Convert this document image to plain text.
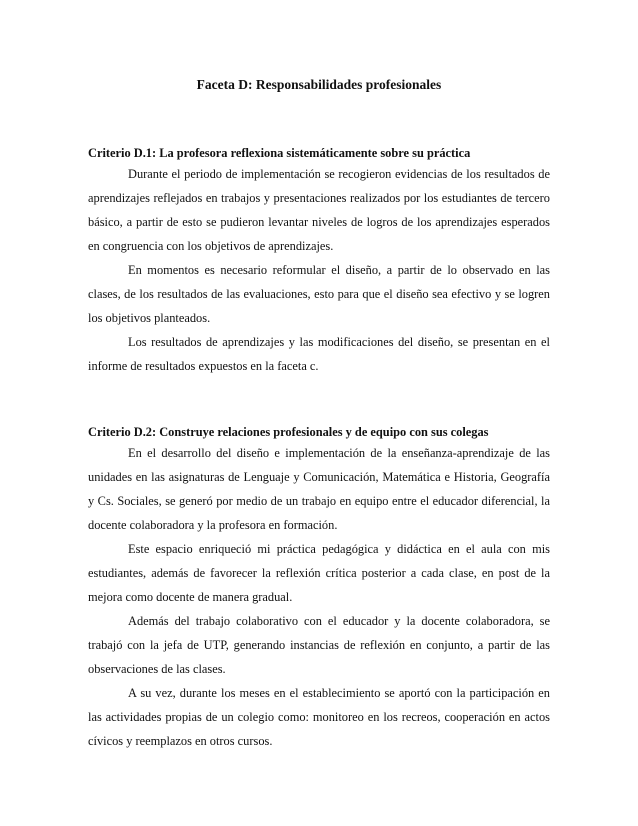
Faceta D: Responsabilidades profesionales
Criterio D.1: La profesora reflexiona sistemáticamente sobre su práctica

Durante el periodo de implementación se recogieron evidencias de los resultados de aprendizajes reflejados en trabajos y presentaciones realizados por los estudiantes de tercero básico, a partir de esto se pudieron levantar niveles de logros de los aprendizajes esperados en congruencia con los objetivos de aprendizajes.

En momentos es necesario reformular el diseño, a partir de lo observado en las clases, de los resultados de las evaluaciones, esto para que el diseño sea efectivo y se logren los objetivos planteados.

Los resultados de aprendizajes y las modificaciones del diseño, se presentan en el informe de resultados expuestos en la faceta c.

Criterio D.2: Construye relaciones profesionales y de equipo con sus colegas

En el desarrollo del diseño e implementación de la enseñanza-aprendizaje de las unidades en las asignaturas de Lenguaje y Comunicación, Matemática e Historia, Geografía y Cs. Sociales, se generó por medio de un trabajo en equipo entre el educador diferencial, la docente colaboradora y la profesora en formación.

Este espacio enriqueció mi práctica pedagógica y didáctica en el aula con mis estudiantes, además de favorecer la reflexión crítica posterior a cada clase, en post de la mejora como docente de manera gradual.

Además del trabajo colaborativo con el educador y la docente colaboradora, se trabajó con la jefa de UTP, generando instancias de reflexión en conjunto, a partir de las observaciones de las clases.

A su vez, durante los meses en el establecimiento se aportó con la participación en las actividades propias de un colegio como: monitoreo en los recreos, cooperación en actos cívicos y reemplazos en otros cursos.
